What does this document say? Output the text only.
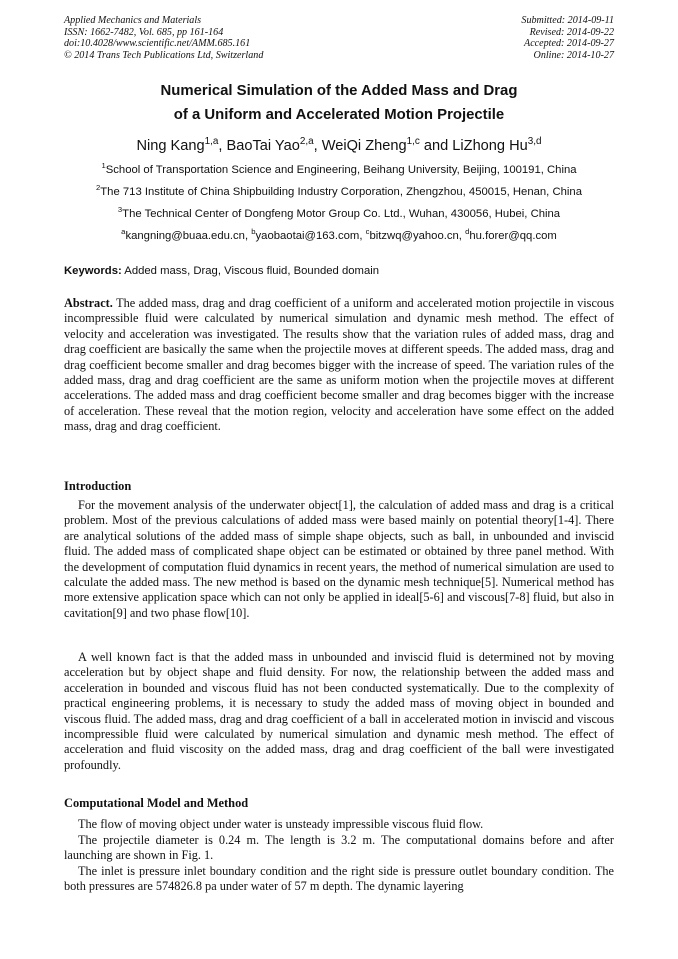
Applied Mechanics and Materials
ISSN: 1662-7482, Vol. 685, pp 161-164
doi:10.4028/www.scientific.net/AMM.685.161
© 2014 Trans Tech Publications Ltd, Switzerland
Submitted: 2014-09-11
Revised: 2014-09-22
Accepted: 2014-09-27
Online: 2014-10-27
Numerical Simulation of the Added Mass and Drag
of a Uniform and Accelerated Motion Projectile
Ning Kang$^{1,a}$, BaoTai Yao$^{2,a}$, WeiQi Zheng$^{1,c}$ and LiZhong Hu$^{3,d}$
$^1$School of Transportation Science and Engineering, Beihang University, Beijing, 100191, China
$^2$The 713 Institute of China Shipbuilding Industry Corporation, Zhengzhou, 450015, Henan, China
$^3$The Technical Center of Dongfeng Motor Group Co. Ltd., Wuhan, 430056, Hubei, China
$^a$kangning@buaa.edu.cn, $^b$yaobaotai@163.com, $^c$bitzwq@yahoo.cn, $^d$hu.forer@qq.com
Keywords: Added mass, Drag, Viscous fluid, Bounded domain
Abstract. The added mass, drag and drag coefficient of a uniform and accelerated motion projectile in viscous incompressible fluid were calculated by numerical simulation and dynamic mesh method. The effect of velocity and acceleration was investigated. The results show that the variation rules of added mass, drag and drag coefficient are basically the same when the projectile moves at different speeds. The added mass, drag and drag coefficient become smaller and drag becomes bigger with the increase of speed. The variation rules of the added mass, drag and drag coefficient are the same as uniform motion when the projectile moves at different accelerations. The added mass and drag coefficient become smaller and drag becomes bigger with the increase of acceleration. These reveal that the motion region, velocity and acceleration have some effect on the added mass, drag and drag coefficient.
Introduction
For the movement analysis of the underwater object[1], the calculation of added mass and drag is a critical problem. Most of the previous calculations of added mass were based mainly on potential theory[1-4]. There are analytical solutions of the added mass of simple shape objects, such as ball, in unbounded and inviscid fluid. The added mass of complicated shape object can be estimated or obtained by three panel method. With the development of computation fluid dynamics in recent years, the method of numerical simulation are used to calculate the added mass. The new method is based on the dynamic mesh technique[5]. Numerical method has more extensive application space which can not only be applied in ideal[5-6] and viscous[7-8] fluid, but also in cavitation[9] and two phase flow[10].
A well known fact is that the added mass in unbounded and inviscid fluid is determined not by moving acceleration but by object shape and fluid density. For now, the relationship between the added mass and acceleration in bounded and viscous fluid has not been conducted systematically. Due to the complexity of practical engineering problems, it is necessary to study the added mass of moving object in bounded and viscous fluid. The added mass, drag and drag coefficient of a ball in accelerated motion in inviscid and viscous incompressible fluid were calculated by numerical simulation and dynamic mesh method. The effect of acceleration and fluid viscosity on the added mass, drag and drag coefficient of the ball were investigated profoundly.
Computational Model and Method
The flow of moving object under water is unsteady impressible viscous fluid flow.
The projectile diameter is 0.24 m. The length is 3.2 m. The computational domains before and after launching are shown in Fig. 1.
The inlet is pressure inlet boundary condition and the right side is pressure outlet boundary condition. The both pressures are 574826.8 pa under water of 57 m depth. The dynamic layering
